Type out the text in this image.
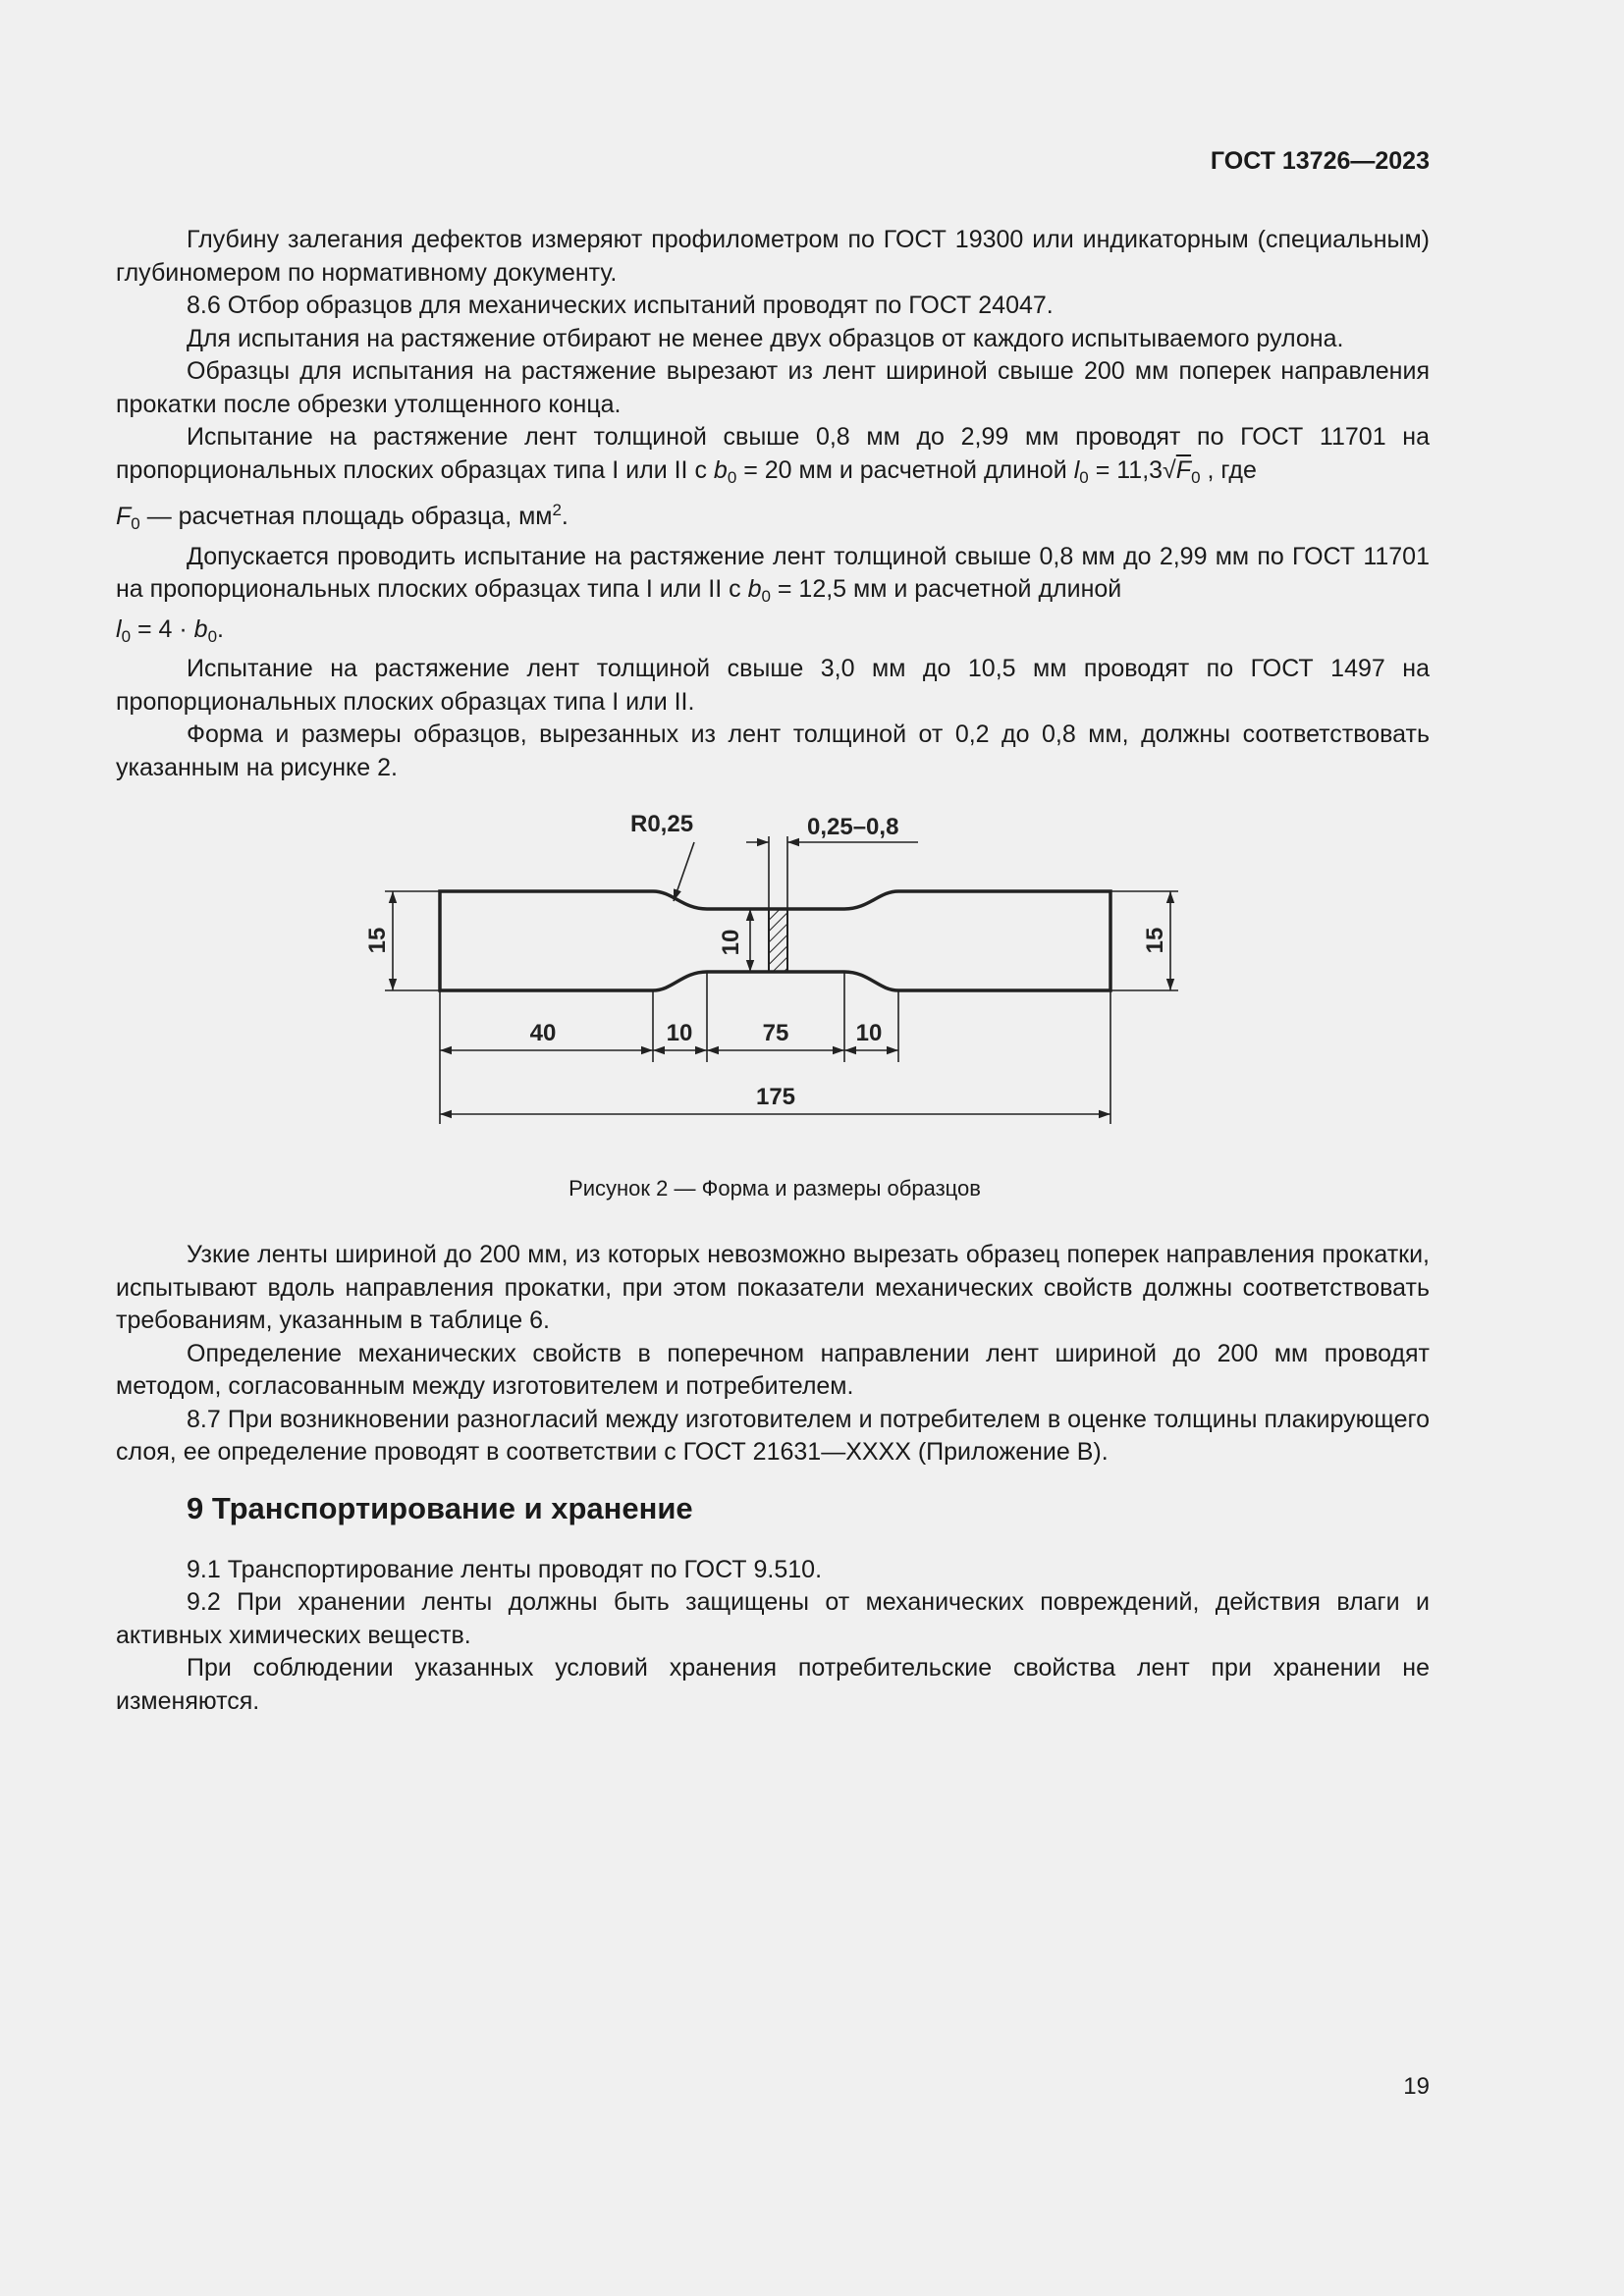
ГОСТ 13726—2023

Глубину залегания дефектов измеряют профилометром по ГОСТ 19300 или индикаторным (специальным) глубиномером по нормативному документу.

8.6 Отбор образцов для механических испытаний проводят по ГОСТ 24047.

Для испытания на растяжение отбирают не менее двух образцов от каждого испытываемого рулона.

Образцы для испытания на растяжение вырезают из лент шириной свыше 200 мм поперек направления прокатки после обрезки утолщенного конца.

Испытание на растяжение лент толщиной свыше 0,8 мм до 2,99 мм проводят по ГОСТ 11701 на пропорциональных плоских образцах типа I или II с $b_0 = 20$ мм и расчетной длиной $l_0 = 11,3√F_0$ , где

$F_0$ — расчетная площадь образца, $мм^2$.

Допускается проводить испытание на растяжение лент толщиной свыше 0,8 мм до 2,99 мм по ГОСТ 11701 на пропорциональных плоских образцах типа I или II с $b_0 = 12,5$ мм и расчетной длиной

$l_0 = 4 \cdot b_0$.

Испытание на растяжение лент толщиной свыше 3,0 мм до 10,5 мм проводят по ГОСТ 1497 на пропорциональных плоских образцах типа I или II.

Форма и размеры образцов, вырезанных из лент толщиной от 0,2 до 0,8 мм, должны соответствовать указанным на рисунке 2.

0,25–0,8
R0,25
15	15
10
40	10	75	10
175

Рисунок 2 — Форма и размеры образцов

Узкие ленты шириной до 200 мм, из которых невозможно вырезать образец поперек направления прокатки, испытывают вдоль направления прокатки, при этом показатели механических свойств должны соответствовать требованиям, указанным в таблице 6.

Определение механических свойств в поперечном направлении лент шириной до 200 мм проводят методом, согласованным между изготовителем и потребителем.

8.7 При возникновении разногласий между изготовителем и потребителем в оценке толщины плакирующего слоя, ее определение проводят в соответствии с ГОСТ 21631—ХХХХ (Приложение В).

9 Транспортирование и хранение

9.1 Транспортирование ленты проводят по ГОСТ 9.510.

9.2 При хранении ленты должны быть защищены от механических повреждений, действия влаги и активных химических веществ.

При соблюдении указанных условий хранения потребительские свойства лент при хранении не изменяются.

19
